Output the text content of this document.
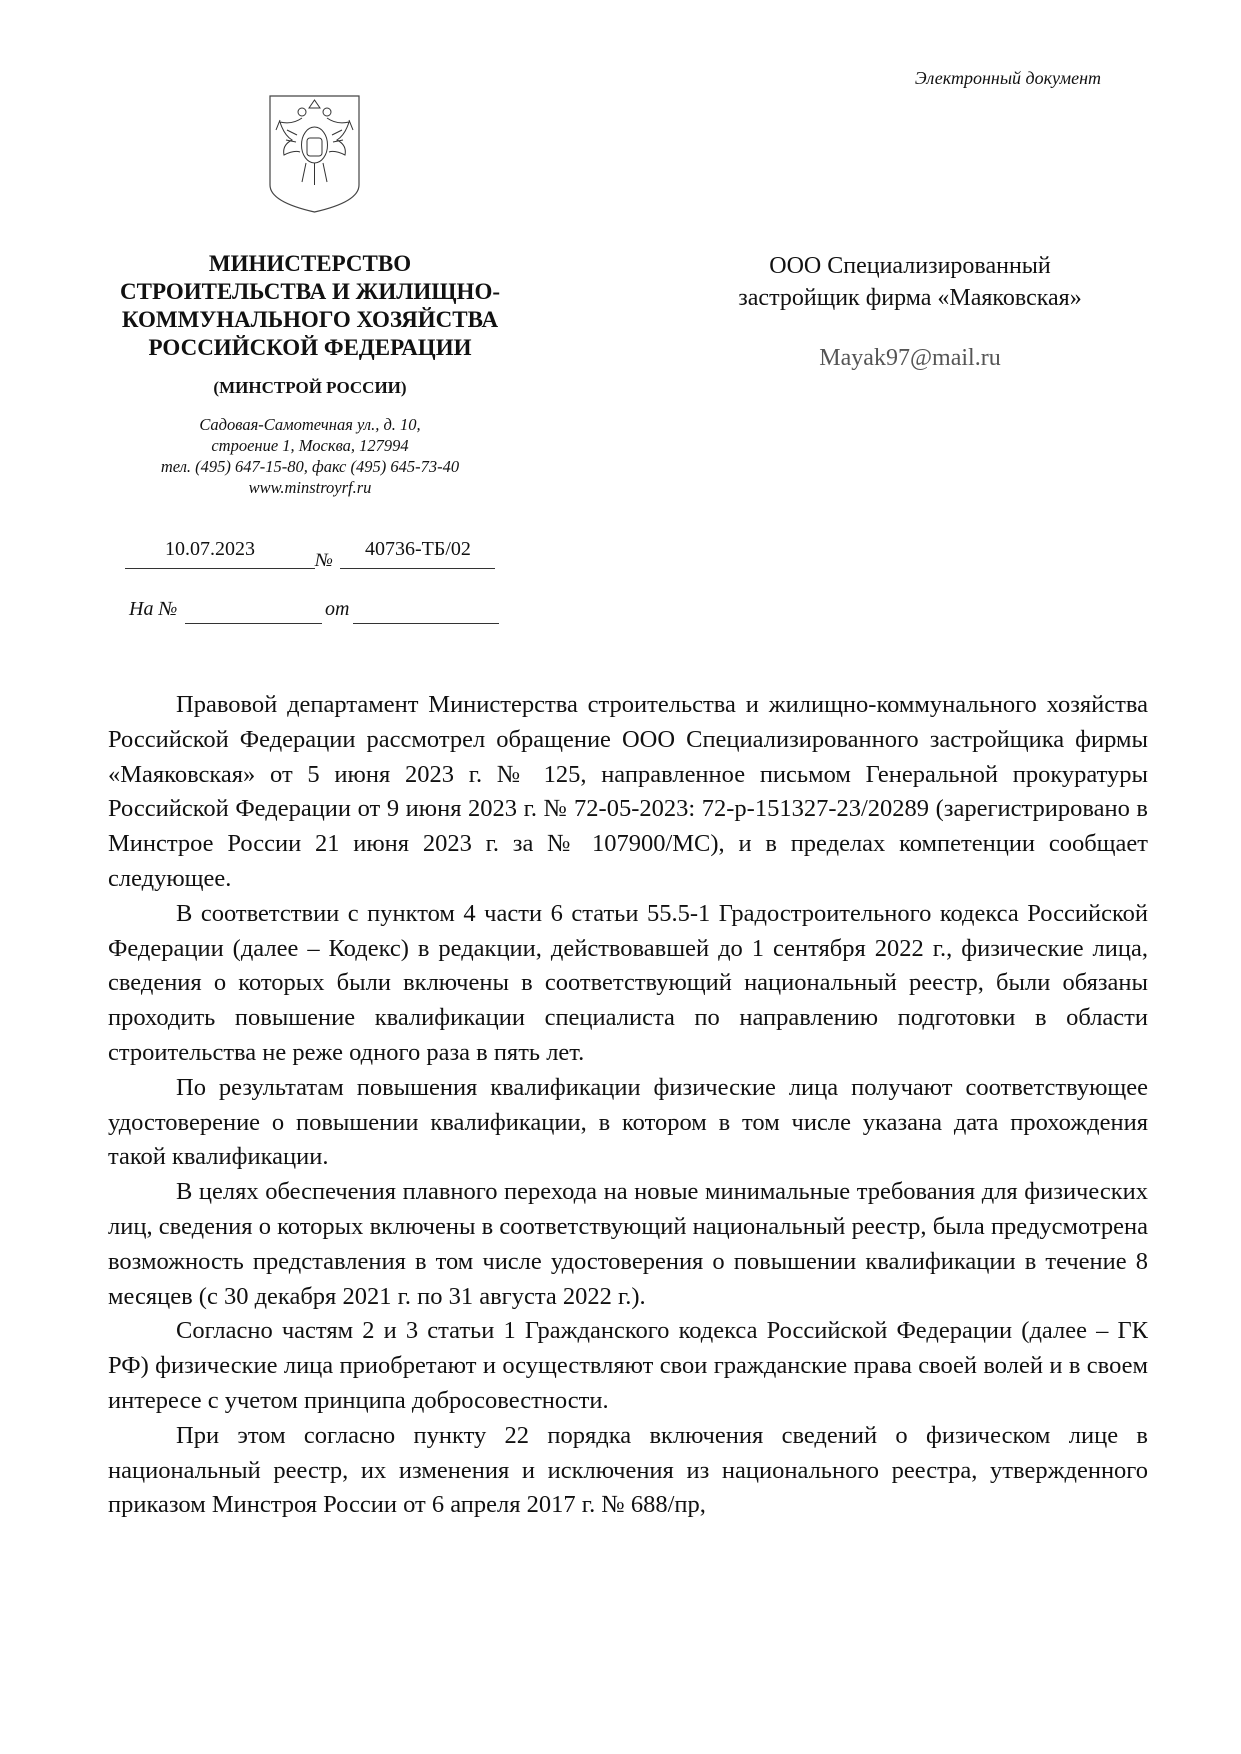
Электронный документ
МИНИСТЕРСТВО
СТРОИТЕЛЬСТВА И ЖИЛИЩНО-
КОММУНАЛЬНОГО ХОЗЯЙСТВА
РОССИЙСКОЙ ФЕДЕРАЦИИ
(МИНСТРОЙ РОССИИ)
Садовая-Самотечная ул., д. 10,
строение 1, Москва, 127994
тел. (495) 647-15-80, факс (495) 645-73-40
www.minstroyrf.ru
10.07.2023
№
40736-ТБ/02
На №	от
ООО Специализированный
застройщик фирма «Маяковская»
Mayak97@mail.ru

Правовой департамент Министерства строительства и жилищно-коммунального хозяйства Российской Федерации рассмотрел обращение ООО Специализированного застройщика фирмы «Маяковская» от 5 июня 2023 г. № 125, направленное письмом Генеральной прокуратуры Российской Федерации от 9 июня 2023 г. № 72-05-2023: 72-р-151327-23/20289 (зарегистрировано в Минстрое России 21 июня 2023 г. за № 107900/МС), и в пределах компетенции сообщает следующее.

В соответствии с пунктом 4 части 6 статьи 55.5-1 Градостроительного кодекса Российской Федерации (далее – Кодекс) в редакции, действовавшей до 1 сентября 2022 г., физические лица, сведения о которых были включены в соответствующий национальный реестр, были обязаны проходить повышение квалификации специалиста по направлению подготовки в области строительства не реже одного раза в пять лет.

По результатам повышения квалификации физические лица получают соответствующее удостоверение о повышении квалификации, в котором в том числе указана дата прохождения такой квалификации.

В целях обеспечения плавного перехода на новые минимальные требования для физических лиц, сведения о которых включены в соответствующий национальный реестр, была предусмотрена возможность представления в том числе удостоверения о повышении квалификации в течение 8 месяцев (с 30 декабря 2021 г. по 31 августа 2022 г.).

Согласно частям 2 и 3 статьи 1 Гражданского кодекса Российской Федерации (далее – ГК РФ) физические лица приобретают и осуществляют свои гражданские права своей волей и в своем интересе с учетом принципа добросовестности.

При этом согласно пункту 22 порядка включения сведений о физическом лице в национальный реестр, их изменения и исключения из национального реестра, утвержденного приказом Минстроя России от 6 апреля 2017 г. № 688/пр,
